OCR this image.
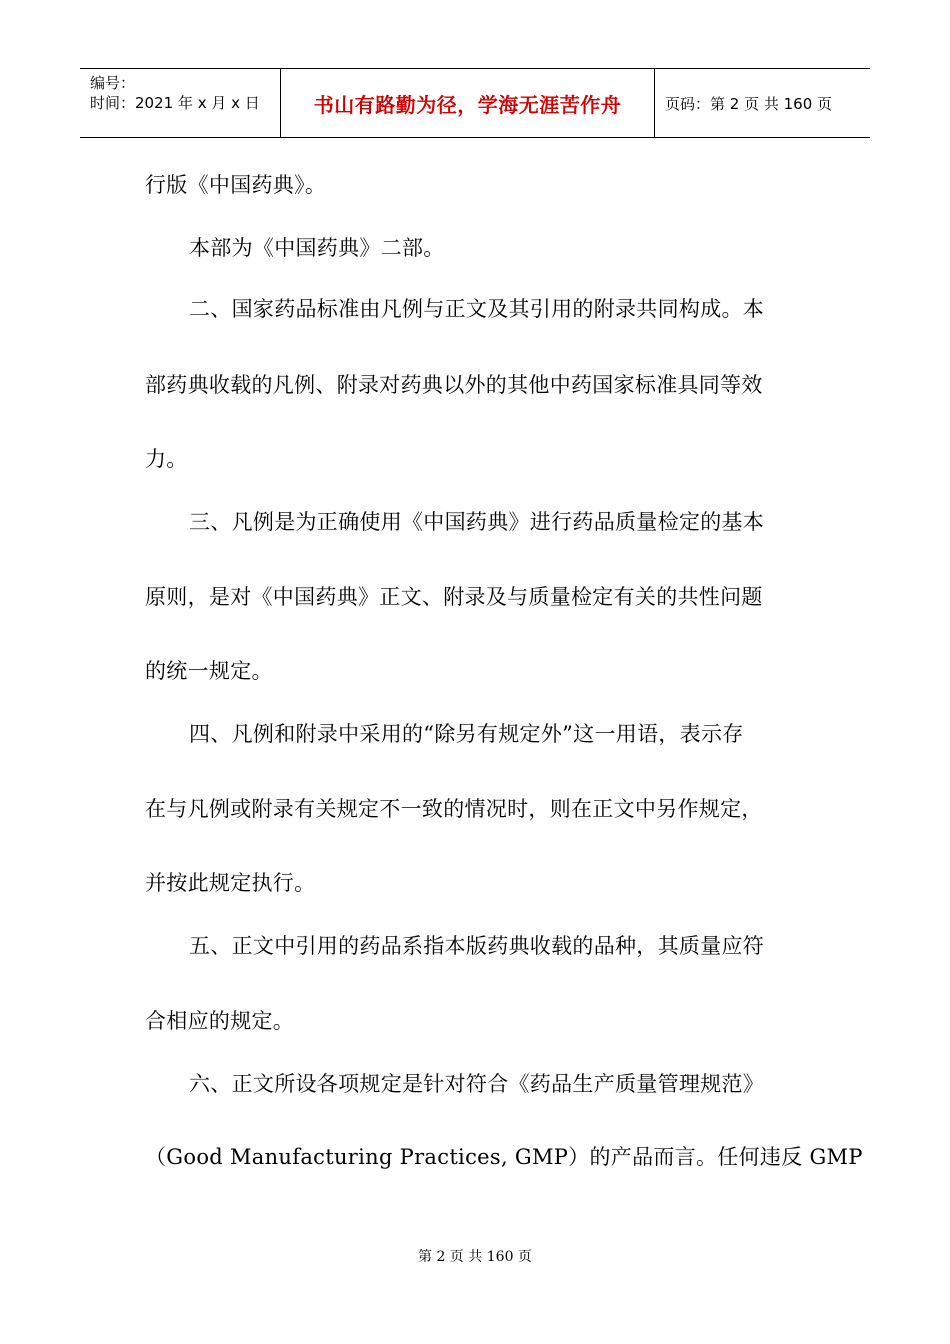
编号：
时间：2021 年 x 月 x 日	书山有路勤为径，学海无涯苦作舟	页码：第 2 页 共 160 页
行版《中国药典》。
本部为《中国药典》二部。
二、国家药品标准由凡例与正文及其引用的附录共同构成。本
部药典收载的凡例、附录对药典以外的其他中药国家标准具同等效
力。
三、凡例是为正确使用《中国药典》进行药品质量检定的基本
原则，是对《中国药典》正文、附录及与质量检定有关的共性问题
的统一规定。
四、凡例和附录中采用的“除另有规定外”这一用语，表示存
在与凡例或附录有关规定不一致的情况时，则在正文中另作规定，
并按此规定执行。
五、正文中引用的药品系指本版药典收载的品种，其质量应符
合相应的规定。
六、正文所设各项规定是针对符合《药品生产质量管理规范》
（Good Manufacturing Practices, GMP）的产品而言。任何违反 GMP
第 2 页 共 160 页
